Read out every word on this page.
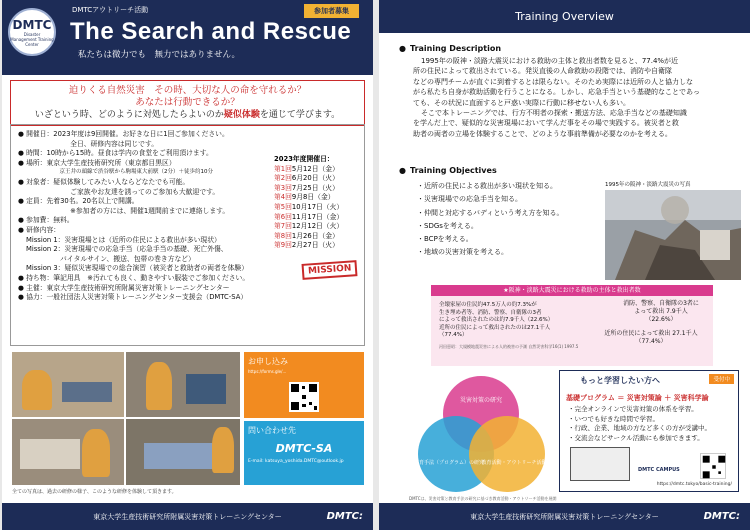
DMTC
Disaster Management Training Center
DMTCアウトリーチ活動	参加者募集
The Search and Rescue
私たちは微力でも　無力ではありません。
迫りくる自然災害　その時、大切な人の命を守れるか？
あなたは行動できるか？
いざという時、どのように対処したらよいのか疑似体験を通じて学びます。

● 開催日：2023年度は9回開催。お好きな日に1回ご参加ください。

　　　　全日、研修内容は同じです。

● 時間：10時から15時。昼食は学内の食堂をご利用頂けます。

● 場所：東京大学生産技術研究所（東京都目黒区）

　　　京王井の頭線で渋谷駅から駒場東大前駅（2分）＋徒歩約10分

● 対象者：疑似体験してみたい人ならどなたでも可能。

　　　　ご家族やお友達を誘ってのご参加も大歓迎です。

● 定員：先着30名。20名以上で開講。

　　　　※参加者の方には、開催1週間前までに連絡します。

● 参加費：無料。

● 研修内容：

Mission 1：災害現場とは（近所の住民による救出が多い現状）

Mission 2：災害現場での応急手当（応急手当の基礎、死亡外傷、

　　　　　バイタルサイン、搬送、包帯の巻き方など）

Mission 3：疑似災害現場での総合演習（被災者と救助者の両者を体験）

● 持ち物：筆記用具　※汚れても良く、動きやすい服装でご参加ください。

● 主催：東京大学生産技術研究所附属災害対策トレーニングセンター

● 協力：一般社団法人災害対策トレーニングセンター支援会（DMTC-SA）

2023年度開催日：
第1回5月12日（金）
第2回6月20日（火）
第3回7月25日（火）
第4回9月8日（金）
第5回10月17日（火）
第6回11月17日（金）
第7回12月12日（火）
第8回1月26日（金）
第9回2月27日（火）
MISSION
お申し込み
https://forms.gle/...
問い合わせ先
DMTC-SA
E-mail: katsuya_yoshida.DMTC@outlook.jp
全ての写真は、過去の研修の様子、このような研修を体験して頂きます。
東京大学生産技術研究所附属災害対策トレーニングセンター	DMTC:
Training Overview
● Training Description
1995年の阪神・淡路大震災における救助の主体と救出者数を見ると、77.4%が近
所の住民によって救出されている。発災直後の人命救助の段階では、消防や自衛隊
などの専門チームが直ぐに到着するとは限らない。そのため実際には近所の人と協力しな
がら私たち自身が救助活動を行うことになる。しかし、応急手当という基礎的なことであっ
ても、その状況に直面すると戸惑い実際に行動に移せない人も多い。
そこで本トレーニングでは、行方不明者の探索・搬送方法、応急手当などの基礎知識
を学んだ上で、疑似的な災害現場において学んだ事をその場で実践する。被災者と救
助者の両者の立場を体験することで、どのような事前準備が必要なのかを考える。
● Training Objectives
・近所の住民による救出が多い現状を知る。
・災害現場での応急手当を知る。
・仲間と対応するバディという考え方を知る。
・SDGsを考える。
・BCPを考える。
・地域の災害対策を考える。
1995年の阪神・淡路大震災の写真
★阪神・淡路大震災における救助の主体と救出者数
全壊家屋の住民約47.5万人の約7.3%が
生き埋め者等、消防、警察、自衛隊の3者
によって救出されたのは約7.9千人（22.6%）
近所の住民によって救出されたのは27.1千人
（77.4%）
消防、警察、自衛隊の3者によって救出 7.9千人（22.6%）
近所の住民によって救出 27.1千人（77.4%）
河田恵昭：大規模地震災害による人的被害の予測 自然災害科学16(1) 1997.5
災害対策の研究
教育手法（プログラム）の研究
教育活動・アウトリーチ活動
DMTCは、災害対策と教育手法の研究に基づき教育活動・アウトリーチ活動を展開
もっと学習したい方へ	受付中
基礎プログラム ＝ 災害対策論 ＋ 災害科学論
・完全オンラインで災害対策の体系を学習。
・いつでも好きな時間で学習。
・行政、企業、地域の方など多くの方が受講中。
・交流会などサークル活動にも参加できます。
DMTC CAMPUS
https://dmtc.tokyo/basic-training/
東京大学生産技術研究所附属災害対策トレーニングセンター	DMTC:
